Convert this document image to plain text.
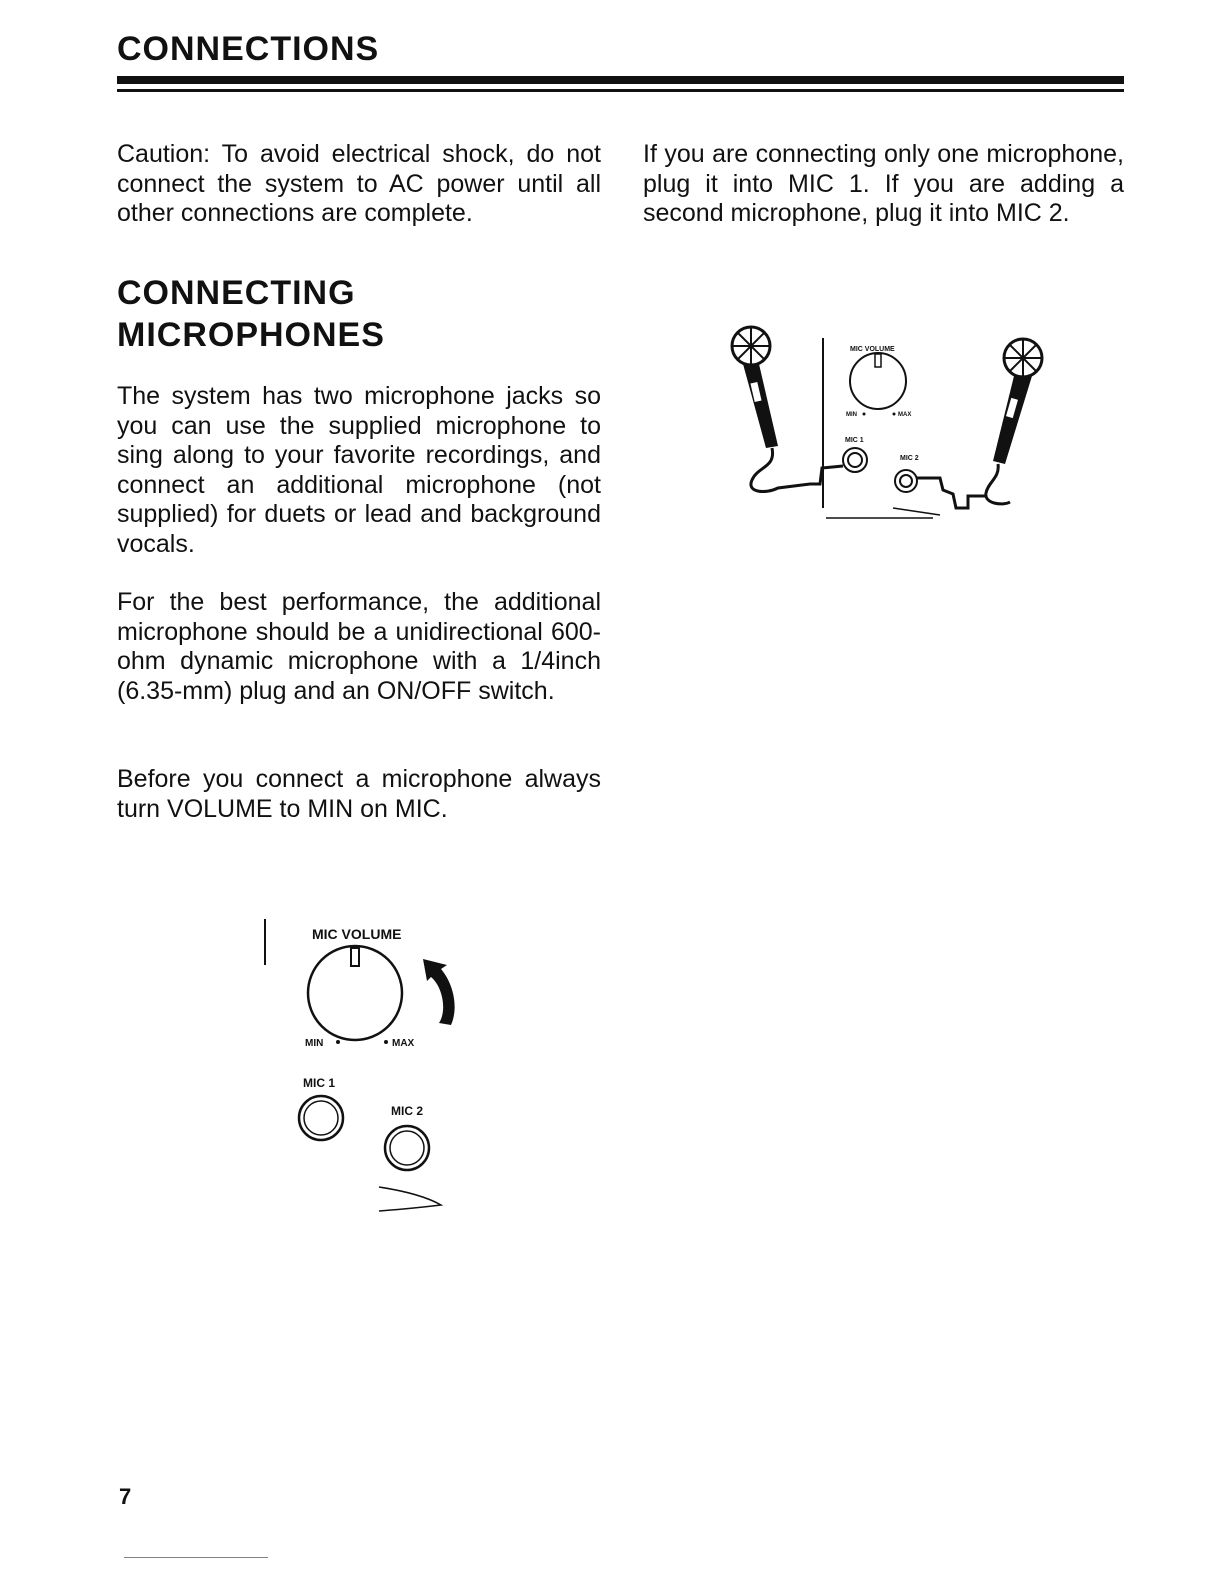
CONNECTIONS

Caution: To avoid electrical shock, do not connect the system to AC power until all other connections are complete.

CONNECTING
MICROPHONES

The system has two microphone jacks so you can use the supplied microphone to sing along to your favorite recordings, and connect an additional microphone (not supplied) for duets or lead and background vocals.

For the best performance, the additional microphone should be a unidirectional 600-ohm dynamic microphone with a 1/4inch (6.35-mm) plug and an ON/OFF switch.

Before you connect a microphone always turn VOLUME to MIN on MIC.

If you are connecting only one microphone, plug it into MIC 1. If you are adding a second microphone, plug it into MIC 2.

MIC VOLUME
MIN	MAX
MIC 1
MIC 2
MIC VOLUME
MIN	MAX
MIC 1
MIC 2

7
